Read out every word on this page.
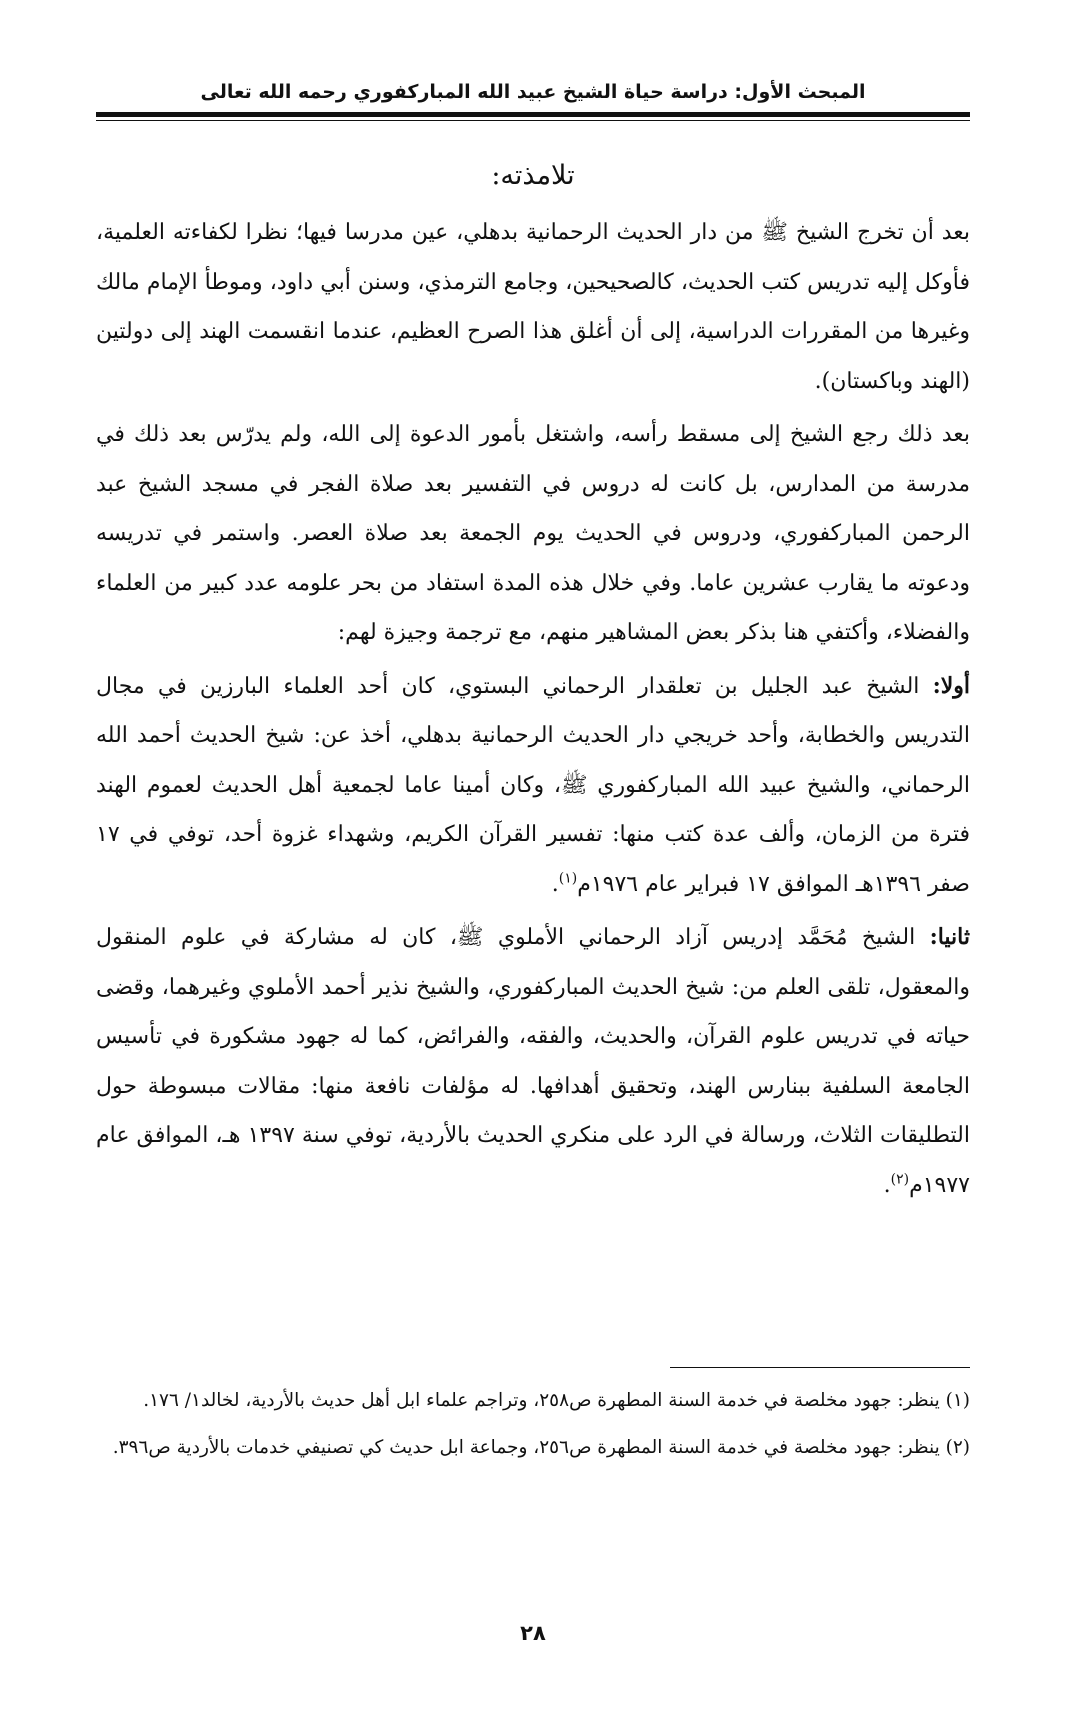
المبحث الأول: دراسة حياة الشيخ عبيد الله المباركفوري رحمه الله تعالى
تلامذته:

بعد أن تخرج الشيخ ﷺ من دار الحديث الرحمانية بدهلي، عين مدرسا فيها؛ نظرا لكفاءته العلمية، فأوكل إليه تدريس كتب الحديث، كالصحيحين، وجامع الترمذي، وسنن أبي داود، وموطأ الإمام مالك وغيرها من المقررات الدراسية، إلى أن أغلق هذا الصرح العظيم، عندما انقسمت الهند إلى دولتين (الهند وباكستان).

بعد ذلك رجع الشيخ إلى مسقط رأسه، واشتغل بأمور الدعوة إلى الله، ولم يدرّس بعد ذلك في مدرسة من المدارس، بل كانت له دروس في التفسير بعد صلاة الفجر في مسجد الشيخ عبد الرحمن المباركفوري، ودروس في الحديث يوم الجمعة بعد صلاة العصر. واستمر في تدريسه ودعوته ما يقارب عشرين عاما. وفي خلال هذه المدة استفاد من بحر علومه عدد كبير من العلماء والفضلاء، وأكتفي هنا بذكر بعض المشاهير منهم، مع ترجمة وجيزة لهم:

أولا: الشيخ عبد الجليل بن تعلقدار الرحماني البستوي، كان أحد العلماء البارزين في مجال التدريس والخطابة، وأحد خريجي دار الحديث الرحمانية بدهلي، أخذ عن: شيخ الحديث أحمد الله الرحماني، والشيخ عبيد الله المباركفوري ﷺ، وكان أمينا عاما لجمعية أهل الحديث لعموم الهند فترة من الزمان، وألف عدة كتب منها: تفسير القرآن الكريم، وشهداء غزوة أحد، توفي في ١٧ صفر ١٣٩٦هـ الموافق ١٧ فبراير عام ١٩٧٦م$^{(١)}$.

ثانيا: الشيخ مُحَمَّد إدريس آزاد الرحماني الأملوي ﷺ، كان له مشاركة في علوم المنقول والمعقول، تلقى العلم من: شيخ الحديث المباركفوري، والشيخ نذير أحمد الأملوي وغيرهما، وقضى حياته في تدريس علوم القرآن، والحديث، والفقه، والفرائض، كما له جهود مشكورة في تأسيس الجامعة السلفية ببنارس الهند، وتحقيق أهدافها. له مؤلفات نافعة منها: مقالات مبسوطة حول التطليقات الثلاث، ورسالة في الرد على منكري الحديث بالأردية، توفي سنة ١٣٩٧ هـ، الموافق عام ١٩٧٧م$^{(٢)}$.

(١) ينظر: جهود مخلصة في خدمة السنة المطهرة ص٢٥٨، وتراجم علماء ابل أهل حديث بالأردية، لخالد١/ ١٧٦.

(٢) ينظر: جهود مخلصة في خدمة السنة المطهرة ص٢٥٦، وجماعة ابل حديث كي تصنيفي خدمات بالأردية ص٣٩٦.

٢٨
